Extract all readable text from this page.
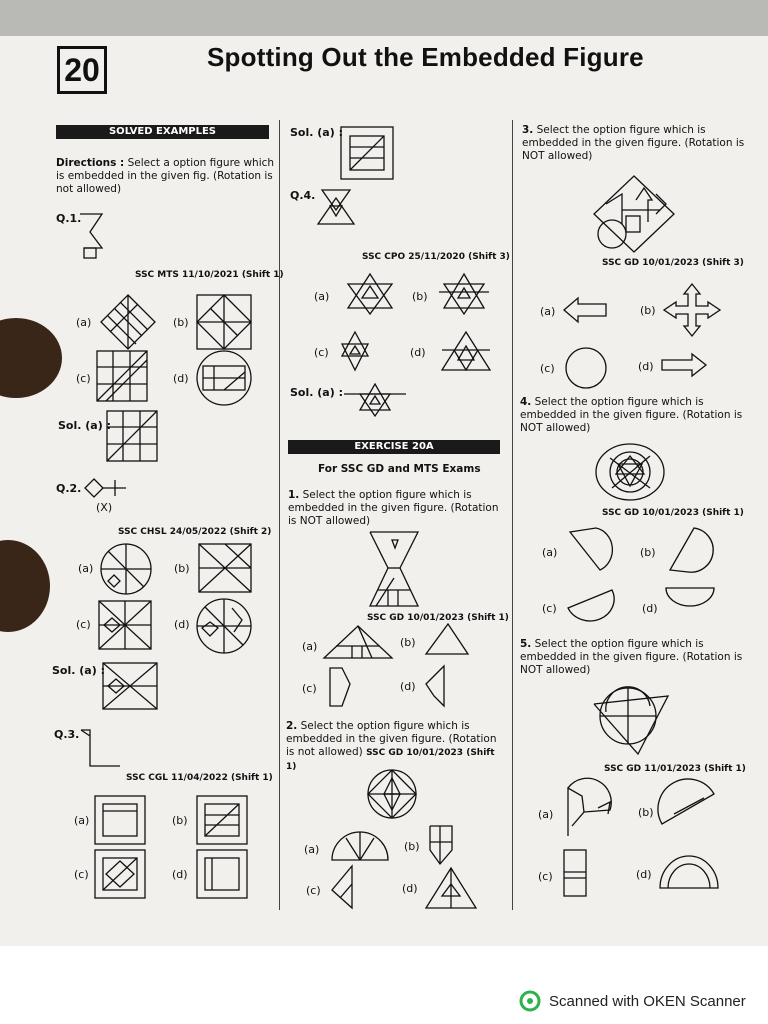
20	Spotting Out the Embedded Figure
SOLVED EXAMPLES
Directions : Select a option figure which is embedded in the given fig. (Rotation is not allowed)
Q.1.
SSC MTS 11/10/2021 (Shift 1)
(a)	(b)
(c)	(d)
Sol. (a) :
Q.2.
(X)
SSC CHSL 24/05/2022 (Shift 2)
(a)	(b)
(c)	(d)
Sol. (a) :
Q.3.
SSC CGL 11/04/2022 (Shift 1)
(a)	(b)
(c)	(d)
Sol. (a) :
Q.4.
SSC CPO 25/11/2020 (Shift 3)
(a)	(b)
(c)	(d)
Sol. (a) :
EXERCISE 20A
For SSC GD and MTS Exams
1. Select the option figure which is embedded in the given figure. (Rotation is NOT allowed)
SSC GD 10/01/2023 (Shift 1)
(a)	(b)
(c)	(d)
2. Select the option figure which is embedded in the given figure. (Rotation is not allowed) SSC GD 10/01/2023 (Shift 1)
(a)	(b)
(c)	(d)
3. Select the option figure which is embedded in the given figure. (Rotation is NOT allowed)
SSC GD 10/01/2023 (Shift 3)
(a)	(b)
(c)	(d)
4. Select the option figure which is embedded in the given figure. (Rotation is NOT allowed)
SSC GD 10/01/2023 (Shift 1)
(a)	(b)
(c)	(d)
5. Select the option figure which is embedded in the given figure. (Rotation is NOT allowed)
SSC GD 11/01/2023 (Shift 1)
(a)	(b)
(c)	(d)
Scanned with OKEN Scanner
